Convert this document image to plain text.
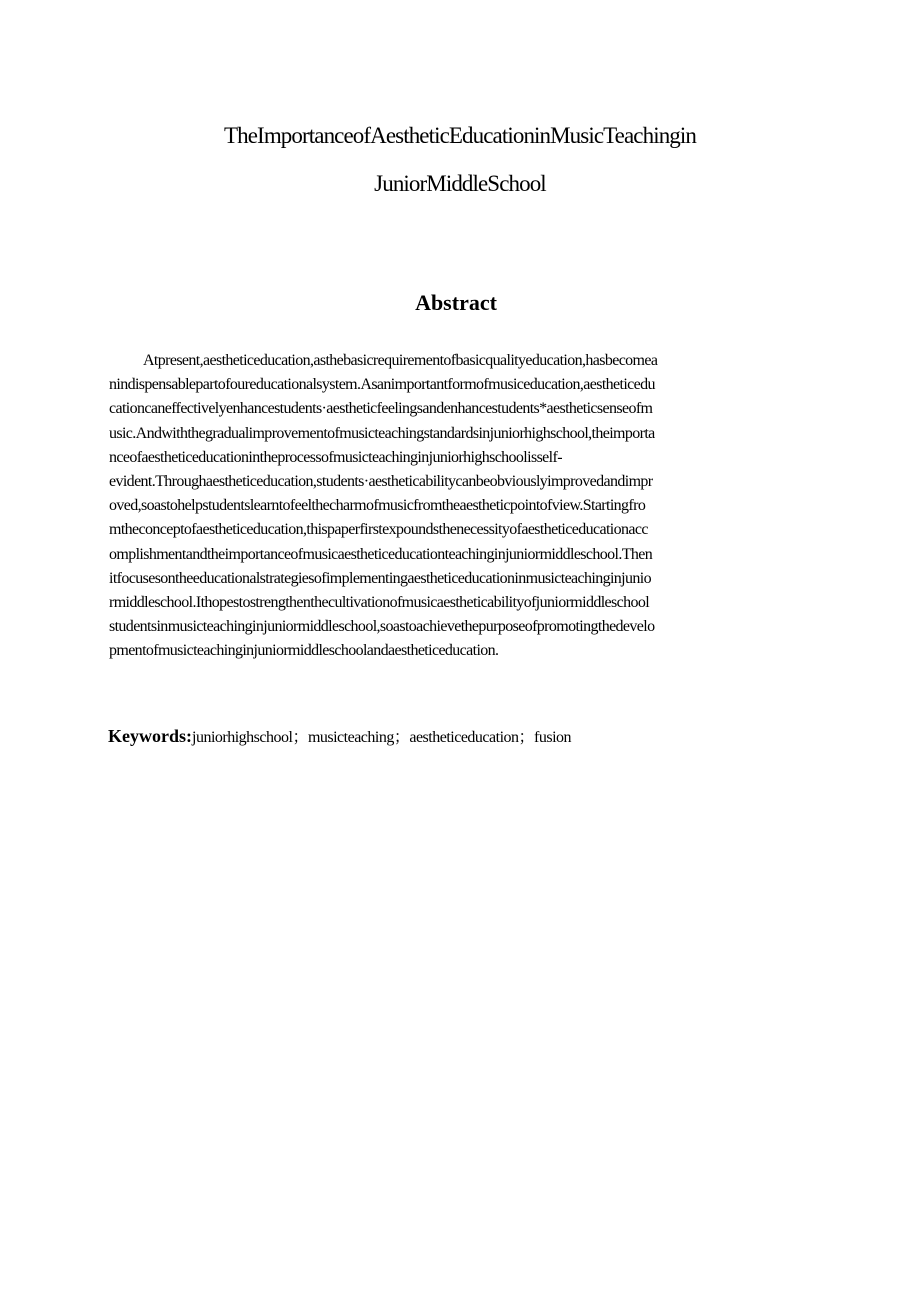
TheImportanceofAestheticEducationinMusicTeachingin
JuniorMiddleSchool
Abstract
Atpresent,aestheticeducation,asthebasicrequirementofbasicqualityeducation,hasbecomea
nindispensablepartofoureducationalsystem.Asanimportantformofmusiceducation,aestheticedu
cationcaneffectivelyenhancestudents·aestheticfeelingsandenhancestudents*aestheticsenseofm
usic.Andwiththegradualimprovementofmusicteachingstandardsinjuniorhighschool,theimporta
nceofaestheticeducationintheprocessofmusicteachinginjuniorhighschoolisself-
evident.Throughaestheticeducation,students·aestheticabilitycanbeobviouslyimprovedandimpr
oved,soastohelpstudentslearntofeelthecharmofmusicfromtheaestheticpointofview.Startingfro
mtheconceptofaestheticeducation,thispaperfirstexpoundsthenecessityofaestheticeducationacc
omplishmentandtheimportanceofmusicaestheticeducationteachinginjuniormiddleschool.Then
itfocusesontheeducationalstrategiesofimplementingaestheticeducationinmusicteachinginjunio
rmiddleschool.Ithopestostrengthenthecultivationofmusicaestheticabilityofjuniormiddleschool
studentsinmusicteachinginjuniormiddleschool,soastoachievethepurposeofpromotingthedevelo
pmentofmusicteachinginjuniormiddleschoolandaestheticeducation.
Keywords:juniorhighschool；musicteaching；aestheticeducation；fusion
